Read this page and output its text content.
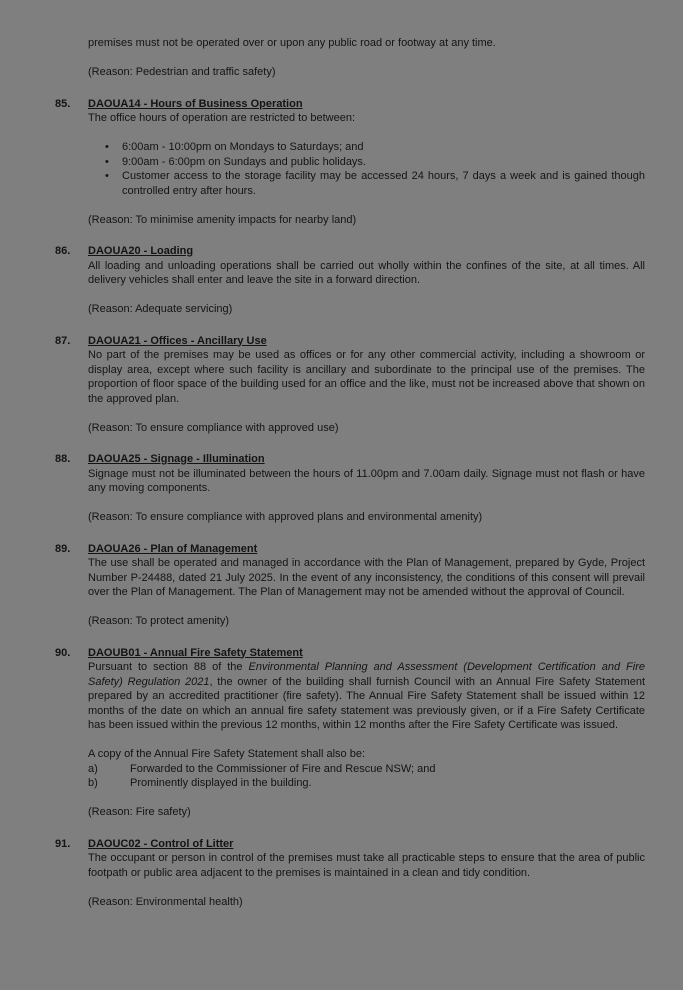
premises must not be operated over or upon any public road or footway at any time.

(Reason: Pedestrian and traffic safety)

85.	DAOUA14 - Hours of Business Operation

The office hours of operation are restricted to between:

•	6:00am - 10:00pm on Mondays to Saturdays; and
•	9:00am - 6:00pm on Sundays and public holidays.
•	Customer access to the storage facility may be accessed 24 hours, 7 days a week and is gained though controlled entry after hours.

(Reason: To minimise amenity impacts for nearby land)

86.	DAOUA20 - Loading

All loading and unloading operations shall be carried out wholly within the confines of the site, at all times. All delivery vehicles shall enter and leave the site in a forward direction.

(Reason: Adequate servicing)

87.	DAOUA21 - Offices - Ancillary Use

No part of the premises may be used as offices or for any other commercial activity, including a showroom or display area, except where such facility is ancillary and subordinate to the principal use of the premises. The proportion of floor space of the building used for an office and the like, must not be increased above that shown on the approved plan.

(Reason: To ensure compliance with approved use)

88.	DAOUA25 - Signage - Illumination

Signage must not be illuminated between the hours of 11.00pm and 7.00am daily. Signage must not flash or have any moving components.

(Reason: To ensure compliance with approved plans and environmental amenity)

89.	DAOUA26 - Plan of Management

The use shall be operated and managed in accordance with the Plan of Management, prepared by Gyde, Project Number P-24488, dated 21 July 2025. In the event of any inconsistency, the conditions of this consent will prevail over the Plan of Management. The Plan of Management may not be amended without the approval of Council.

(Reason: To protect amenity)

90.	DAOUB01 - Annual Fire Safety Statement

Pursuant to section 88 of the Environmental Planning and Assessment (Development Certification and Fire Safety) Regulation 2021, the owner of the building shall furnish Council with an Annual Fire Safety Statement prepared by an accredited practitioner (fire safety). The Annual Fire Safety Statement shall be issued within 12 months of the date on which an annual fire safety statement was previously given, or if a Fire Safety Certificate has been issued within the previous 12 months, within 12 months after the Fire Safety Certificate was issued.

A copy of the Annual Fire Safety Statement shall also be:

a)	Forwarded to the Commissioner of Fire and Rescue NSW; and
b)	Prominently displayed in the building.

(Reason: Fire safety)

91.	DAOUC02 - Control of Litter

The occupant or person in control of the premises must take all practicable steps to ensure that the area of public footpath or public area adjacent to the premises is maintained in a clean and tidy condition.

(Reason: Environmental health)
